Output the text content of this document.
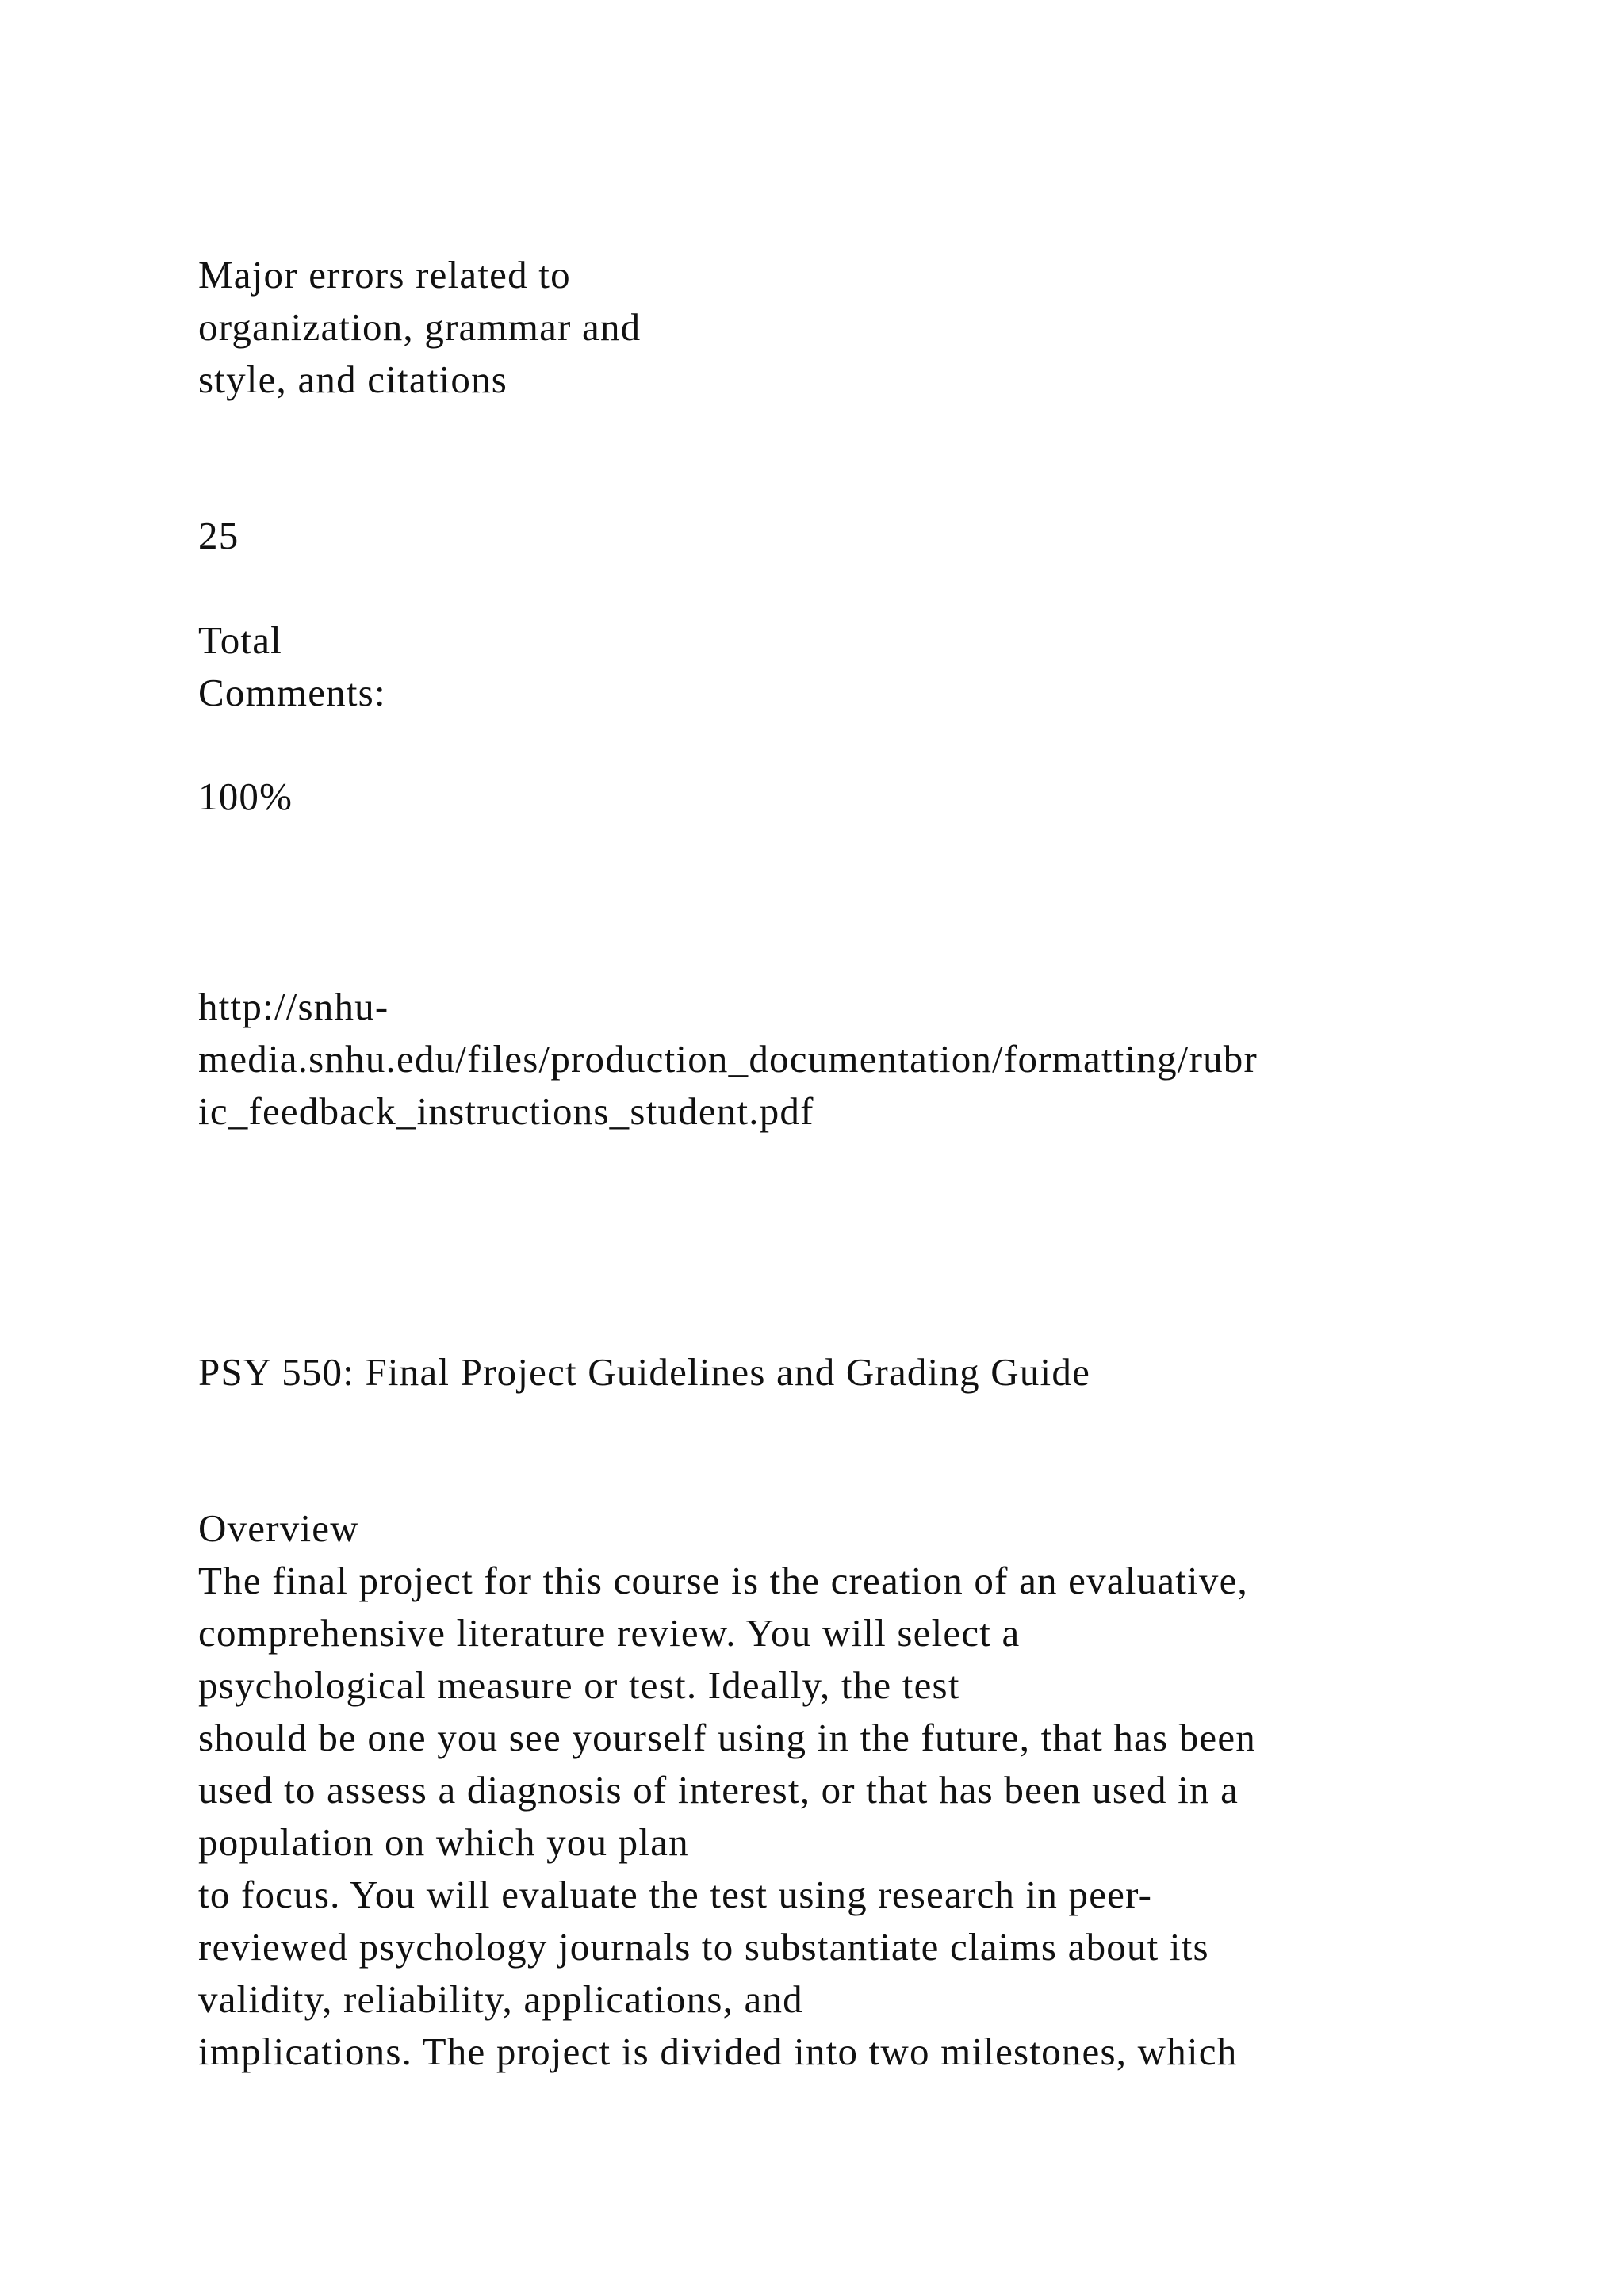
Major errors related to
organization, grammar and
style, and citations

25

Total
Comments:

100%

http://snhu-
media.snhu.edu/files/production_documentation/formatting/rubr
ic_feedback_instructions_student.pdf

PSY 550: Final Project Guidelines and Grading Guide

Overview

The final project for this course is the creation of an evaluative,
comprehensive literature review. You will select a
psychological measure or test. Ideally, the test
should be one you see yourself using in the future, that has been
used to assess a diagnosis of interest, or that has been used in a
population on which you plan
to focus. You will evaluate the test using research in peer-
reviewed psychology journals to substantiate claims about its
validity, reliability, applications, and
implications. The project is divided into two milestones, which
